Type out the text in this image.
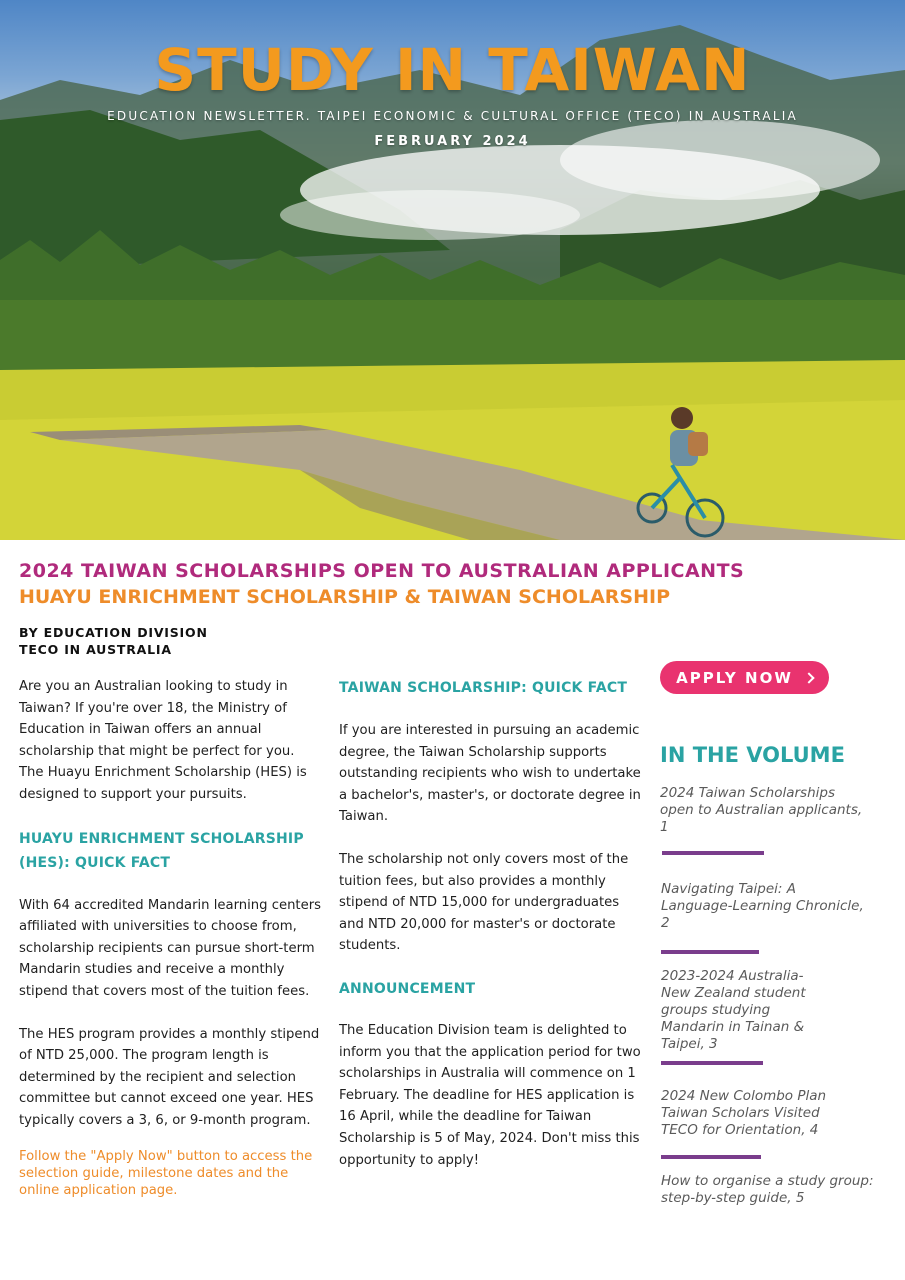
STUDY IN TAIWAN
EDUCATION NEWSLETTER. TAIPEI ECONOMIC & CULTURAL OFFICE (TECO) IN AUSTRALIA
FEBRUARY 2024
2024 TAIWAN SCHOLARSHIPS OPEN TO AUSTRALIAN APPLICANTS
HUAYU ENRICHMENT SCHOLARSHIP & TAIWAN SCHOLARSHIP
BY EDUCATION DIVISION
TECO IN AUSTRALIA

Are you an Australian looking to study in Taiwan? If you're over 18, the Ministry of Education in Taiwan offers an annual scholarship that might be perfect for you. The Huayu Enrichment Scholarship (HES) is designed to support your pursuits.

HUAYU ENRICHMENT SCHOLARSHIP (HES): QUICK FACT

With 64 accredited Mandarin learning centers affiliated with universities to choose from, scholarship recipients can pursue short-term Mandarin studies and receive a monthly stipend that covers most of the tuition fees.

The HES program provides a monthly stipend of NTD 25,000. The program length is determined by the recipient and selection committee but cannot exceed one year. HES typically covers a 3, 6, or 9-month program.

Follow the "Apply Now" button to access the selection guide, milestone dates and the online application page.

TAIWAN SCHOLARSHIP: QUICK FACT

If you are interested in pursuing an academic degree, the Taiwan Scholarship supports outstanding recipients who wish to undertake a bachelor's, master's, or doctorate degree in Taiwan.

The scholarship not only covers most of the tuition fees, but also provides a monthly stipend of NTD 15,000 for undergraduates and NTD 20,000 for master's or doctorate students.

ANNOUNCEMENT

The Education Division team is delighted to inform you that the application period for two scholarships in Australia will commence on 1 February. The deadline for HES application is 16 April, while the deadline for Taiwan Scholarship is 5 of May, 2024. Don't miss this opportunity to apply!

APPLY NOW
IN THE VOLUME
2024 Taiwan Scholarships open to Australian applicants, 1
Navigating Taipei: A Language-Learning Chronicle, 2
2023-2024 Australia-New Zealand student groups studying Mandarin in Tainan & Taipei, 3
2024 New Colombo Plan Taiwan Scholars Visited TECO for Orientation, 4
How to organise a study group: step-by-step guide, 5
